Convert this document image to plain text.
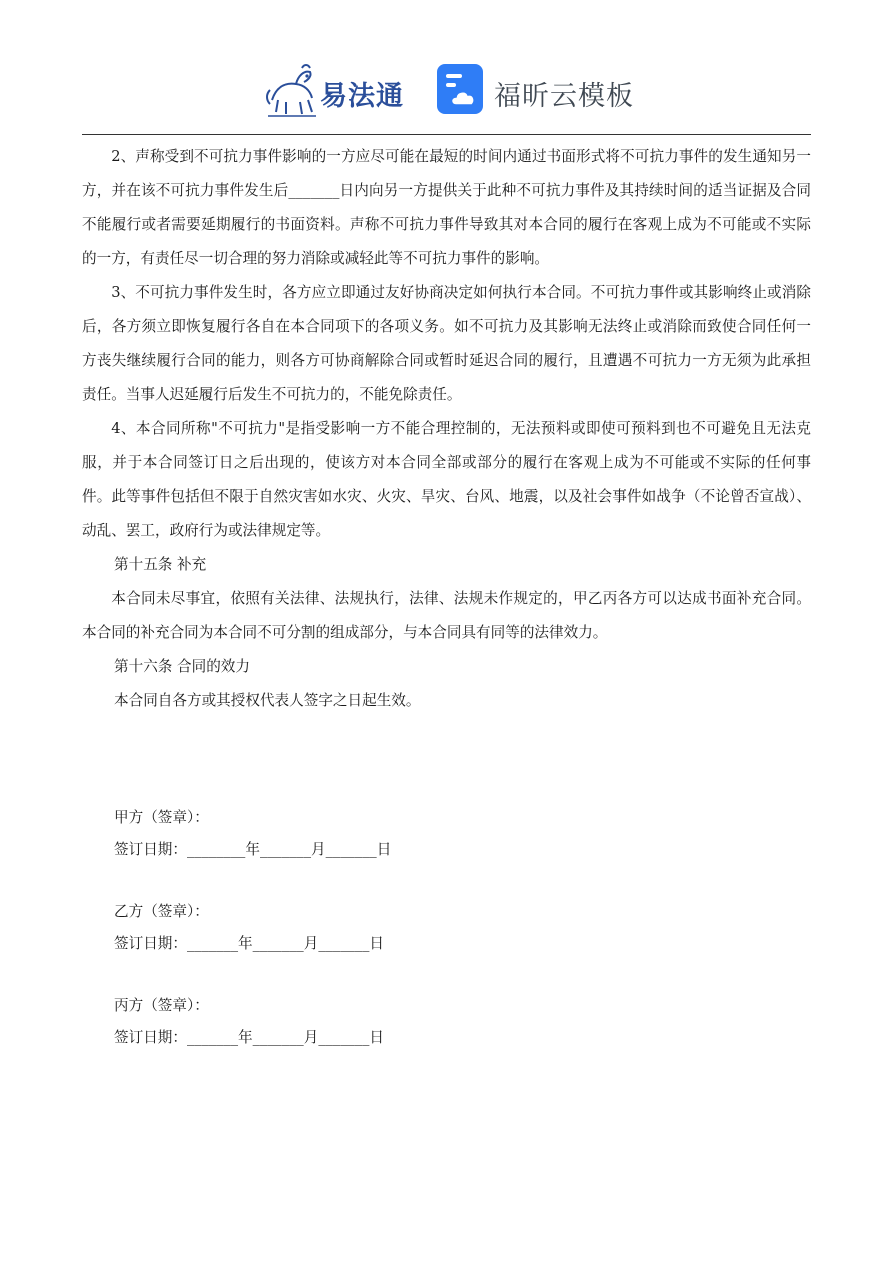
易法通	福昕云模板

2、声称受到不可抗力事件影响的一方应尽可能在最短的时间内通过书面形式将不可抗力事件的发生通知另一方，并在该不可抗力事件发生后_______日内向另一方提供关于此种不可抗力事件及其持续时间的适当证据及合同不能履行或者需要延期履行的书面资料。声称不可抗力事件导致其对本合同的履行在客观上成为不可能或不实际的一方，有责任尽一切合理的努力消除或减轻此等不可抗力事件的影响。

3、不可抗力事件发生时，各方应立即通过友好协商决定如何执行本合同。不可抗力事件或其影响终止或消除后，各方须立即恢复履行各自在本合同项下的各项义务。如不可抗力及其影响无法终止或消除而致使合同任何一方丧失继续履行合同的能力，则各方可协商解除合同或暂时延迟合同的履行，且遭遇不可抗力一方无须为此承担责任。当事人迟延履行后发生不可抗力的，不能免除责任。

4、本合同所称"不可抗力"是指受影响一方不能合理控制的，无法预料或即使可预料到也不可避免且无法克服，并于本合同签订日之后出现的，使该方对本合同全部或部分的履行在客观上成为不可能或不实际的任何事件。此等事件包括但不限于自然灾害如水灾、火灾、旱灾、台风、地震，以及社会事件如战争（不论曾否宣战）、动乱、罢工，政府行为或法律规定等。

第十五条 补充

本合同未尽事宜，依照有关法律、法规执行，法律、法规未作规定的，甲乙丙各方可以达成书面补充合同。本合同的补充合同为本合同不可分割的组成部分，与本合同具有同等的法律效力。

第十六条 合同的效力

本合同自各方或其授权代表人签字之日起生效。

甲方（签章）：

签订日期：________年_______月_______日

乙方（签章）：

签订日期：_______年_______月_______日

丙方（签章）：

签订日期：_______年_______月_______日
